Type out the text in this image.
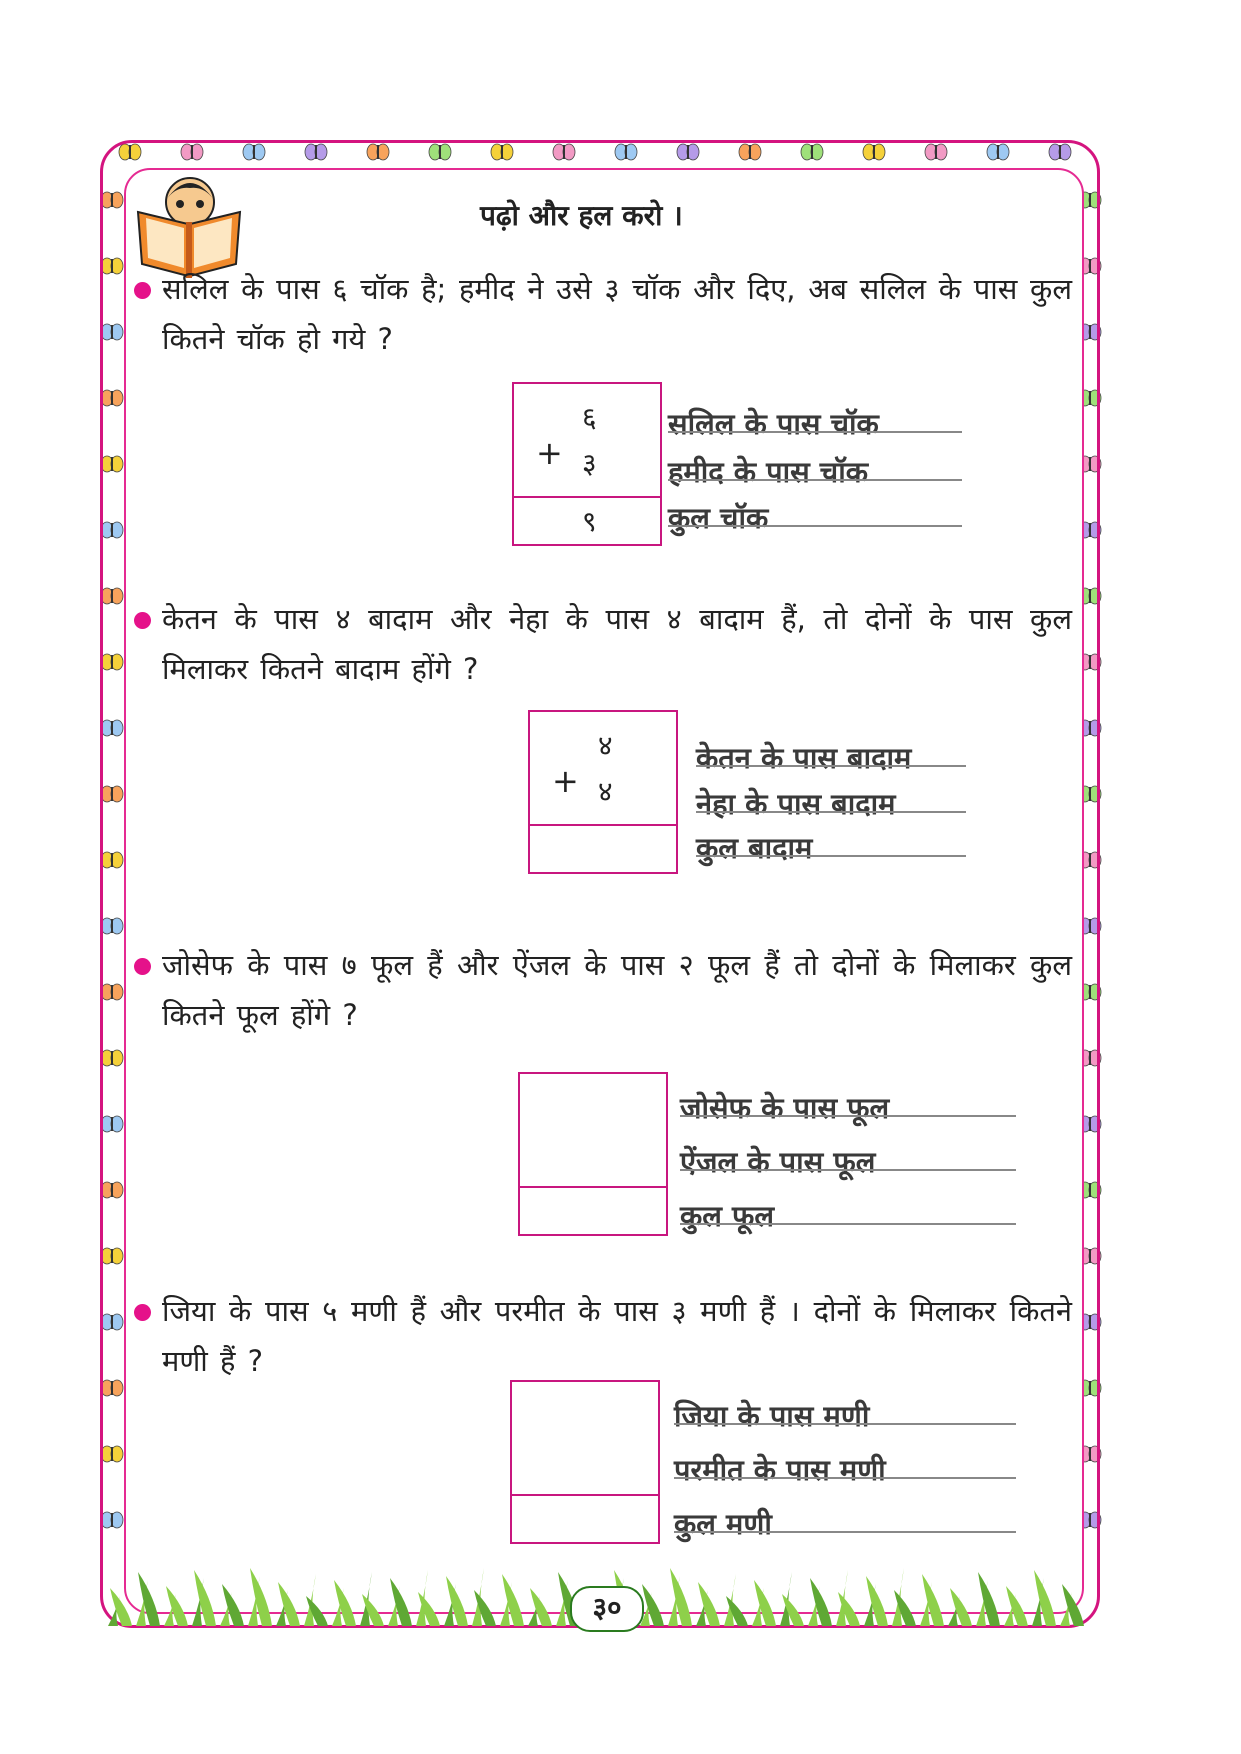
पढ़ो और हल करो ।
सलिल के पास ६ चॉक है; हमीद ने उसे ३ चॉक और दिए, अब सलिल के पास कुल कितने चॉक हो गये ?
६
+ ३
९
सलिल के पास चॉक
हमीद के पास चॉक
कुल चॉक
केतन के पास ४ बादाम और नेहा के पास ४ बादाम हैं, तो दोनों के पास कुल मिलाकर कितने बादाम होंगे ?
४
+ ४
केतन के पास बादाम
नेहा के पास बादाम
कुल बादाम
जोसेफ के पास ७ फूल हैं और ऐंजल के पास २ फूल हैं तो दोनों के मिलाकर कुल कितने फूल होंगे ?
जोसेफ के पास फूल
ऐंजल के पास फूल
कुल फूल
जिया के पास ५ मणी हैं और परमीत के पास ३ मणी हैं । दोनों के मिलाकर कितने मणी हैं ?
जिया के पास मणी
परमीत के पास मणी
कुल मणी
३०
